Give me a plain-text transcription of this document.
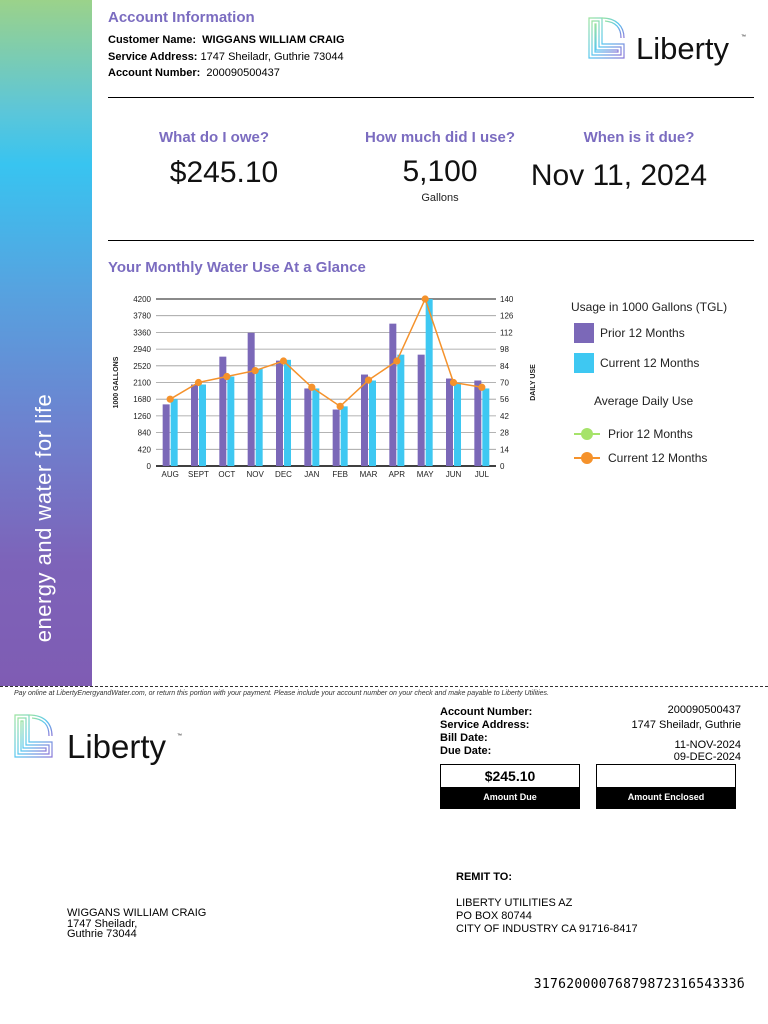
energy and water for life
Account Information
Customer Name: WIGGANS WILLIAM CRAIG
Service Address: 1747 Sheiladr, Guthrie 73044
Account Number: 200090500437
Liberty ™
What do I owe?
$245.10
How much did I use?
5,100
Gallons
When is it due?
Nov 11, 2024
Your Monthly Water Use At a Glance
0
420
840
1260
1680
2100
2520
2940
3360
3780
4200
0
14
28
42
56
70
84
98
112
126
140
1000 GALLONS	DAILY USE
AUG SEPT OCT NOV DEC JAN FEB MAR APR MAY JUN JUL
Usage in 1000 Gallons (TGL)
Prior 12 Months
Current 12 Months
Average Daily Use
Prior 12 Months
Current 12 Months
Pay online at LibertyEnergyandWater.com, or return this portion with your payment. Please include your account number on your check and make payable to Liberty Utilities.
Liberty ™
Account Number:	200090500437
Service Address:	1747 Sheiladr, Guthrie
Bill Date:
11-NOV-2024
Due Date:	09-DEC-2024
$245.10
Amount Due	Amount Enclosed
REMIT TO:
LIBERTY UTILITIES AZ
PO BOX 80744
CITY OF INDUSTRY CA 91716-8417
WIGGANS WILLIAM CRAIG
1747 Sheiladr,
Guthrie 73044
3176200007687987231654333б
